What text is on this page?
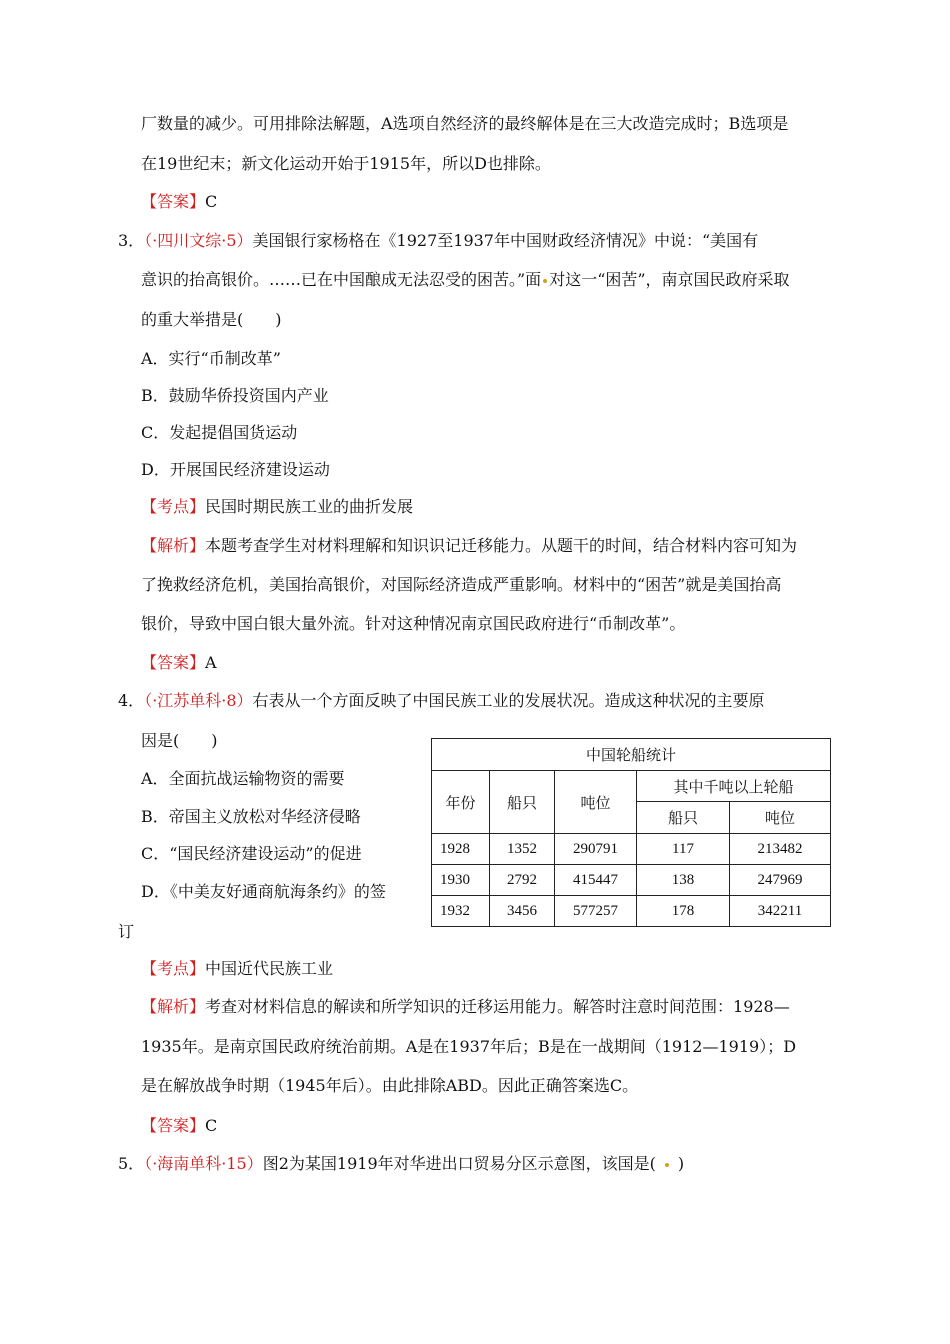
厂数量的减少。可用排除法解题，A选项自然经济的最终解体是在三大改造完成时；B选项是
在19世纪末；新文化运动开始于1915年，所以D也排除。
【答案】C
3．（·四川文综·5）美国银行家杨格在《1927至1937年中国财政经济情况》中说：“美国有
意识的抬高银价。……已在中国酿成无法忍受的困苦。”面 对这一“困苦”，南京国民政府采取
的重大举措是(　　)
A．实行“币制改革”
B．鼓励华侨投资国内产业
C．发起提倡国货运动
D．开展国民经济建设运动
【考点】民国时期民族工业的曲折发展
【解析】本题考查学生对材料理解和知识识记迁移能力。从题干的时间，结合材料内容可知为
了挽救经济危机，美国抬高银价，对国际经济造成严重影响。材料中的“困苦”就是美国抬高
银价，导致中国白银大量外流。针对这种情况南京国民政府进行“币制改革”。
【答案】A
4．（·江苏单科·8）右表从一个方面反映了中国民族工业的发展状况。造成这种状况的主要原
因是(　　)
A．全面抗战运输物资的需要
B．帝国主义放松对华经济侵略
C．“国民经济建设运动”的促进
D．《中美友好通商航海条约》的签
订
中国轮船统计				
年份	船只	吨位	其中千吨以上轮船	
			船只	吨位
1928	1352	290791	117	213482
1930	2792	415447	138	247969
1932	3456	577257	178	342211
【考点】中国近代民族工业
【解析】考查对材料信息的解读和所学知识的迁移运用能力。解答时注意时间范围：1928—
1935年。是南京国民政府统治前期。A是在1937年后；B是在一战期间（1912—1919）；D
是在解放战争时期（1945年后）。由此排除ABD。因此正确答案选C。
【答案】C
5．（·海南单科·15）图2为某国1919年对华进出口贸易分区示意图，该国是( )
